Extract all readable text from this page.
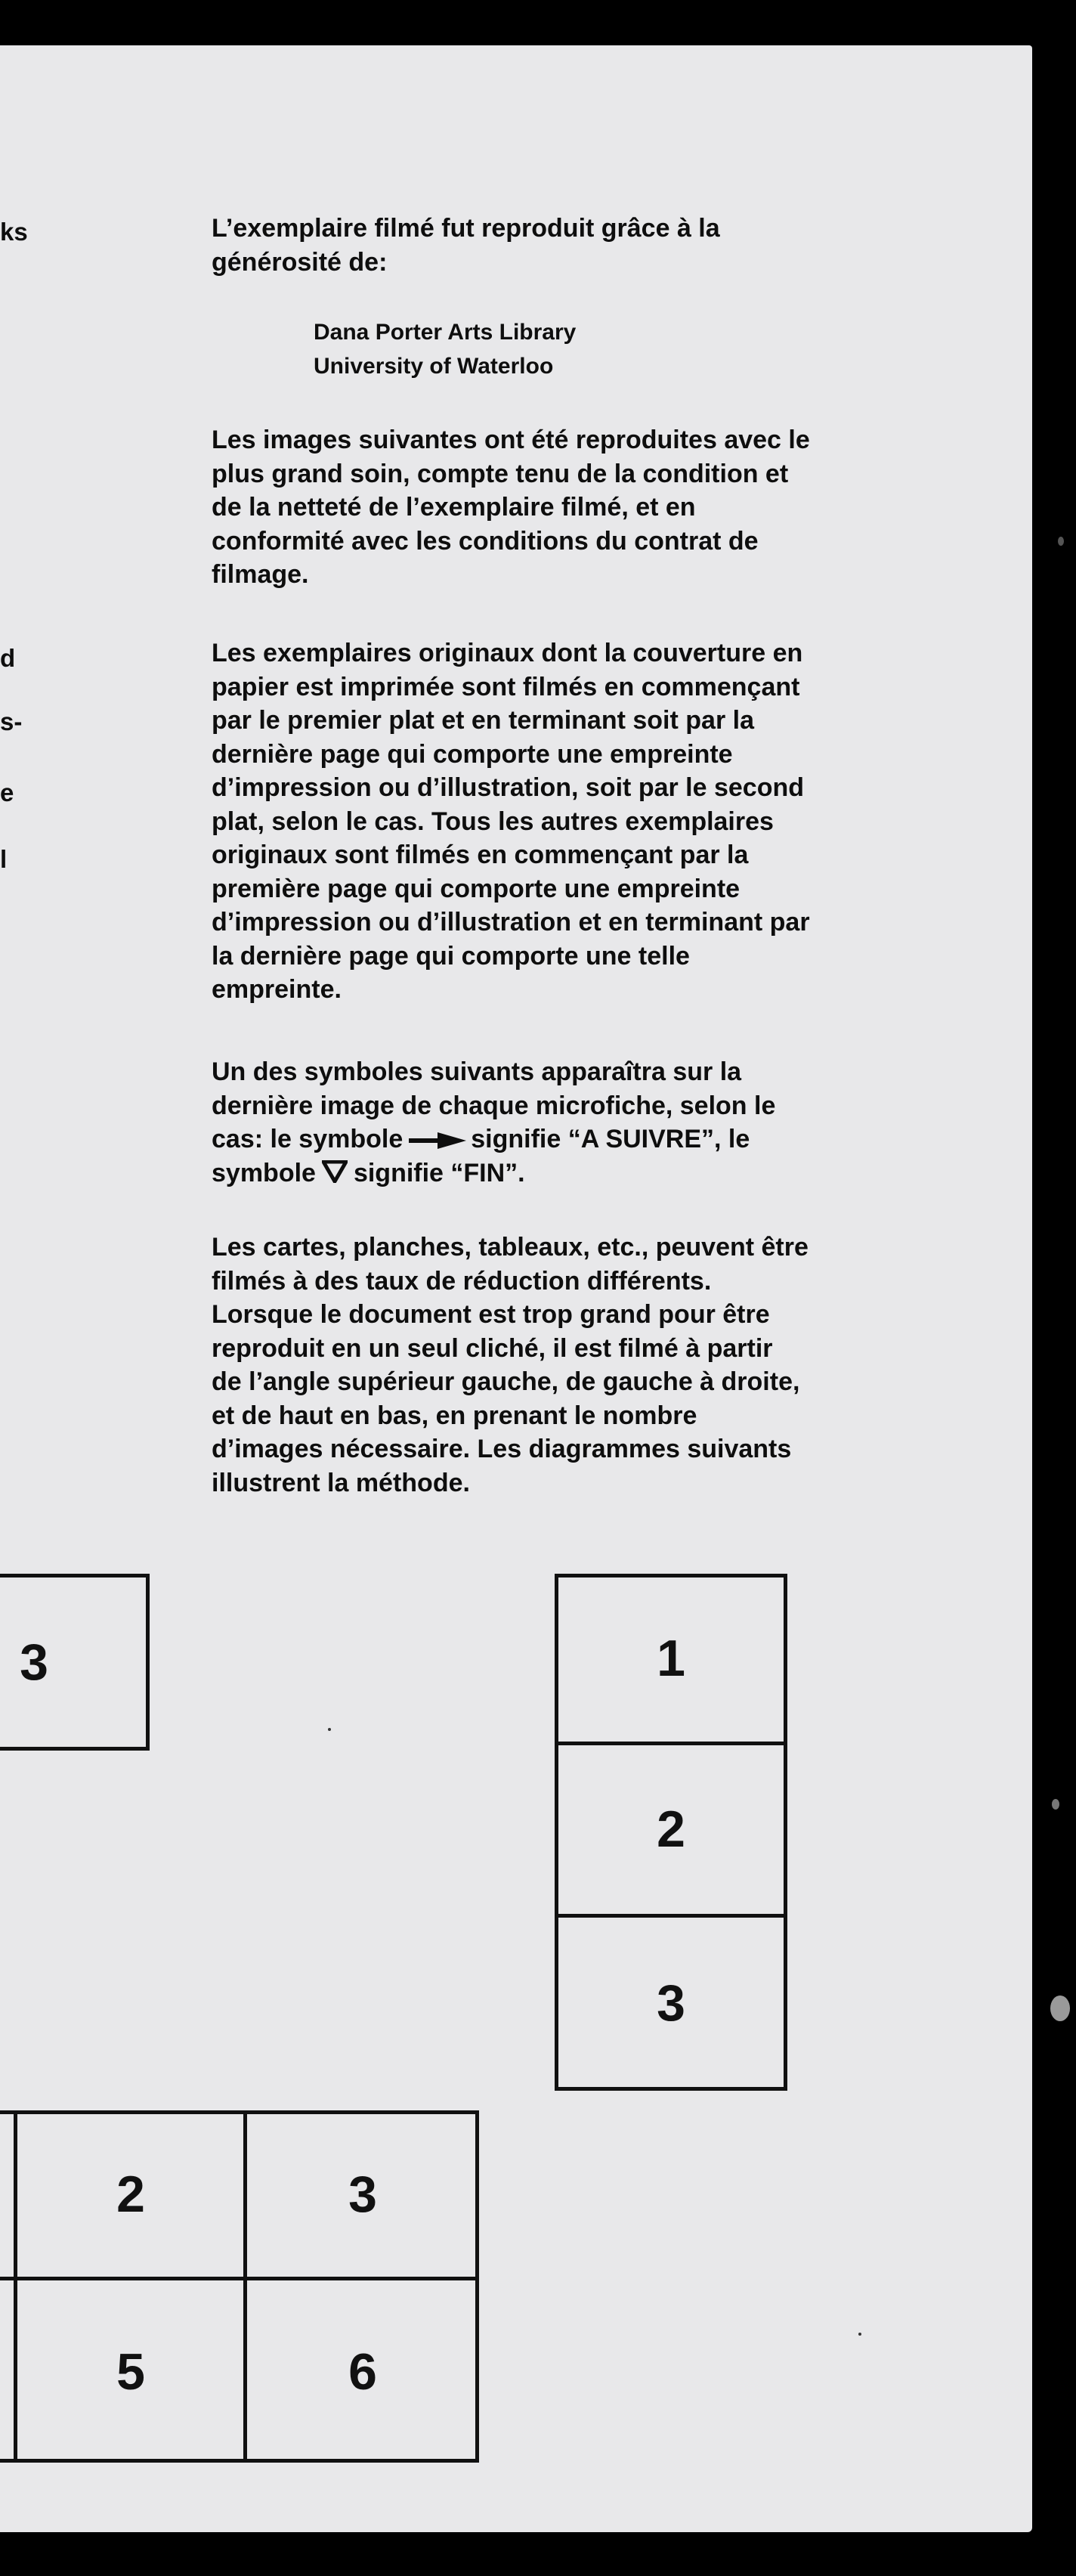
ks
d
s-
e
l

L’exemplaire filmé fut reproduit grâce à la

générosité de:

Dana Porter Arts Library
University of Waterloo

Les images suivantes ont été reproduites avec le
plus grand soin, compte tenu de la condition et
de la netteté de l’exemplaire filmé, et en
conformité avec les conditions du contrat de
filmage.

Les exemplaires originaux dont la couverture en
papier est imprimée sont filmés en commençant
par le premier plat et en terminant soit par la
dernière page qui comporte une empreinte
d’impression ou d’illustration, soit par le second
plat, selon le cas. Tous les autres exemplaires
originaux sont filmés en commençant par la
première page qui comporte une empreinte
d’impression ou d’illustration et en terminant par
la dernière page qui comporte une telle
empreinte.

Un des symboles suivants apparaîtra sur la

dernière image de chaque microfiche, selon le

cas: le symbole	signifie “A SUIVRE”, le

symbole signifie “FIN”.

Les cartes, planches, tableaux, etc., peuvent être
filmés à des taux de réduction différents.
Lorsque le document est trop grand pour être
reproduit en un seul cliché, il est filmé à partir
de l’angle supérieur gauche, de gauche à droite,
et de haut en bas, en prenant le nombre
d’images nécessaire. Les diagrammes suivants
illustrent la méthode.

3	1
2
3
2	3
5	6
